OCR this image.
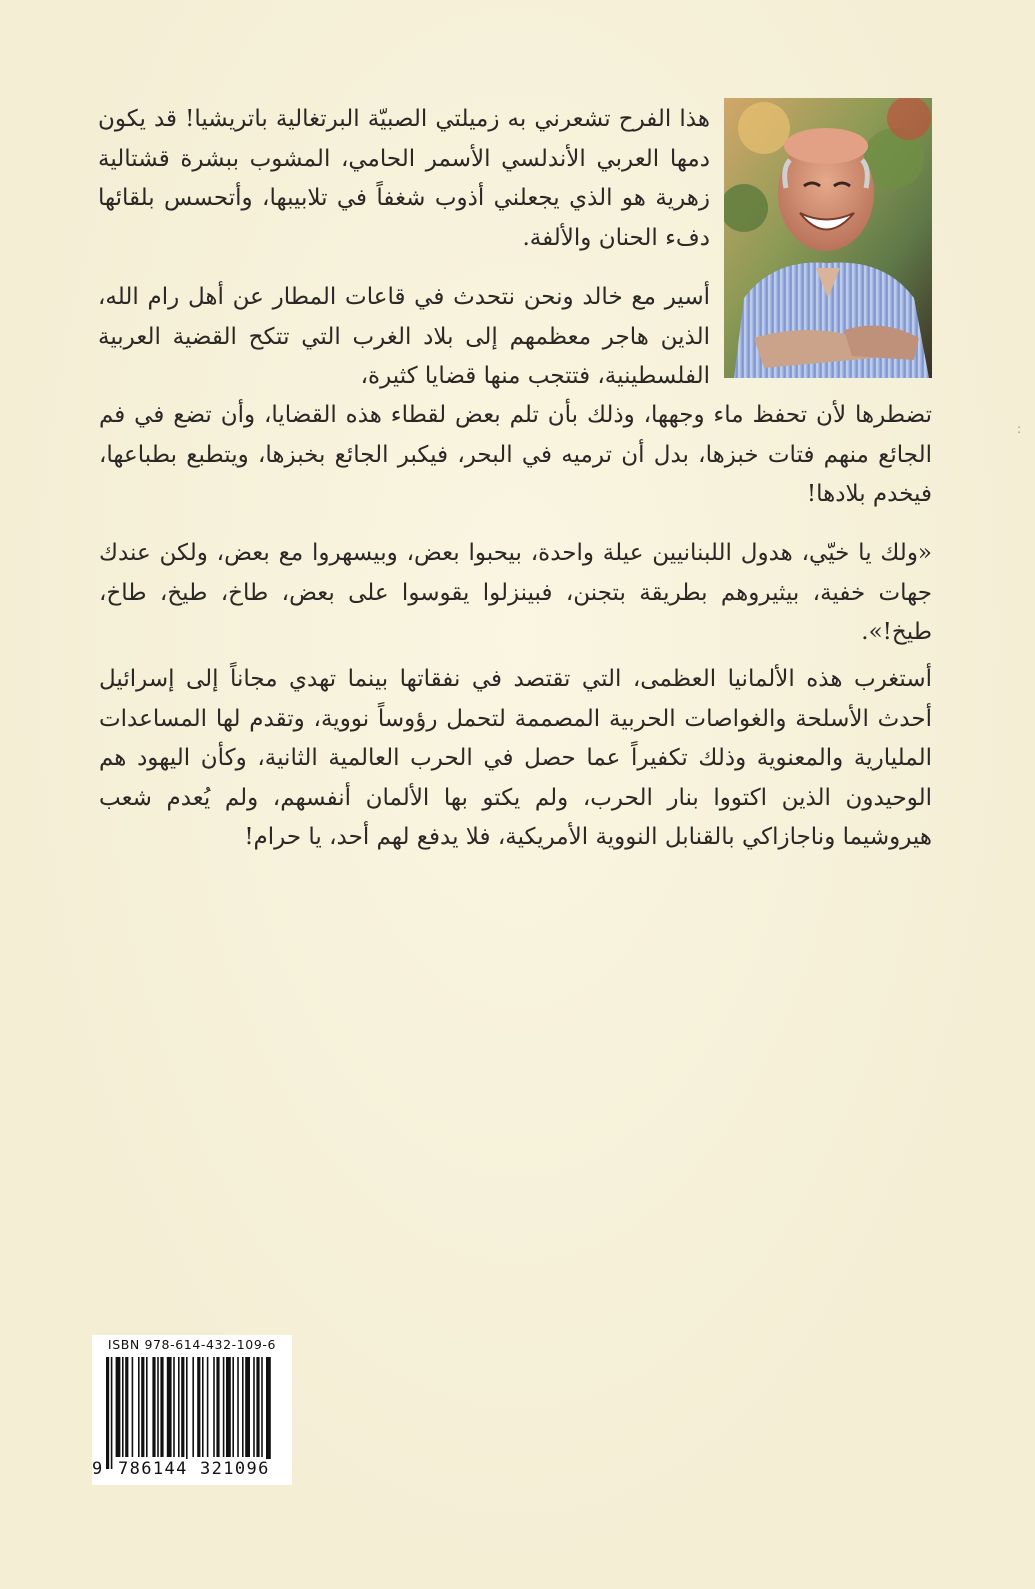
هذا الفرح تشعرني به زميلتي الصبيّة البرتغالية باتريشيا! قد يكون دمها العربي الأندلسي الأسمر الحامي، المشوب ببشرة قشتالية زهرية هو الذي يجعلني أذوب شغفاً في تلابيبها، وأتحسس بلقائها دفء الحنان والألفة.

أسير مع خالد ونحن نتحدث في قاعات المطار عن أهل رام الله، الذين هاجر معظمهم إلى بلاد الغرب التي تتكح القضية العربية الفلسطينية، فتتجب منها قضايا كثيرة،

تضطرها لأن تحفظ ماء وجهها، وذلك بأن تلم بعض لقطاء هذه القضايا، وأن تضع في فم الجائع منهم فتات خبزها، بدل أن ترميه في البحر، فيكبر الجائع بخبزها، ويتطبع بطباعها، فيخدم بلادها!

«ولك يا خيّي، هدول اللبنانيين عيلة واحدة، بيحبوا بعض، وبيسهروا مع بعض، ولكن عندك جهات خفية، بيثيروهم بطريقة بتجنن، فبينزلوا يقوسوا على بعض، طاخ، طيخ، طاخ، طيخ!».

أستغرب هذه الألمانيا العظمى، التي تقتصد في نفقاتها بينما تهدي مجاناً إلى إسرائيل أحدث الأسلحة والغواصات الحربية المصممة لتحمل رؤوساً نووية، وتقدم لها المساعدات المليارية والمعنوية وذلك تكفيراً عما حصل في الحرب العالمية الثانية، وكأن اليهود هم الوحيدون الذين اكتووا بنار الحرب، ولم يكتو بها الألمان أنفسهم، ولم يُعدم شعب هيروشيما وناجازاكي بالقنابل النووية الأمريكية، فلا يدفع لهم أحد، يا حرام!

ISBN 978-614-432-109-6
9 786144 321096
:
